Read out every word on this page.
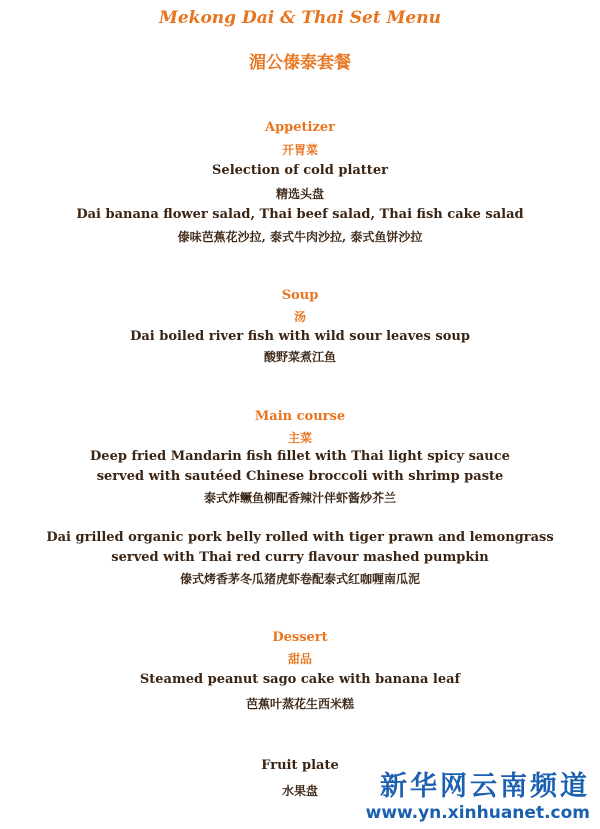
Mekong Dai & Thai Set Menu
湄公傣泰套餐
Appetizer
开胃菜
Selection of cold platter
精选头盘
Dai banana flower salad, Thai beef salad, Thai fish cake salad
傣味芭蕉花沙拉, 泰式牛肉沙拉, 泰式鱼饼沙拉
Soup
汤
Dai boiled river fish with wild sour leaves soup
酸野菜煮江鱼
Main course
主菜
Deep fried Mandarin fish fillet with Thai light spicy sauce
served with sautéed Chinese broccoli with shrimp paste
泰式炸鳜鱼柳配香辣汁伴虾酱炒芥兰
Dai grilled organic pork belly rolled with tiger prawn and lemongrass
served with Thai red curry flavour mashed pumpkin
傣式烤香茅冬瓜猪虎虾卷配泰式红咖喱南瓜泥
Dessert
甜品
Steamed peanut sago cake with banana leaf
芭蕉叶蒸花生西米糕
Fruit plate
水果盘	新华网云南频道
www.yn.xinhuanet.com
